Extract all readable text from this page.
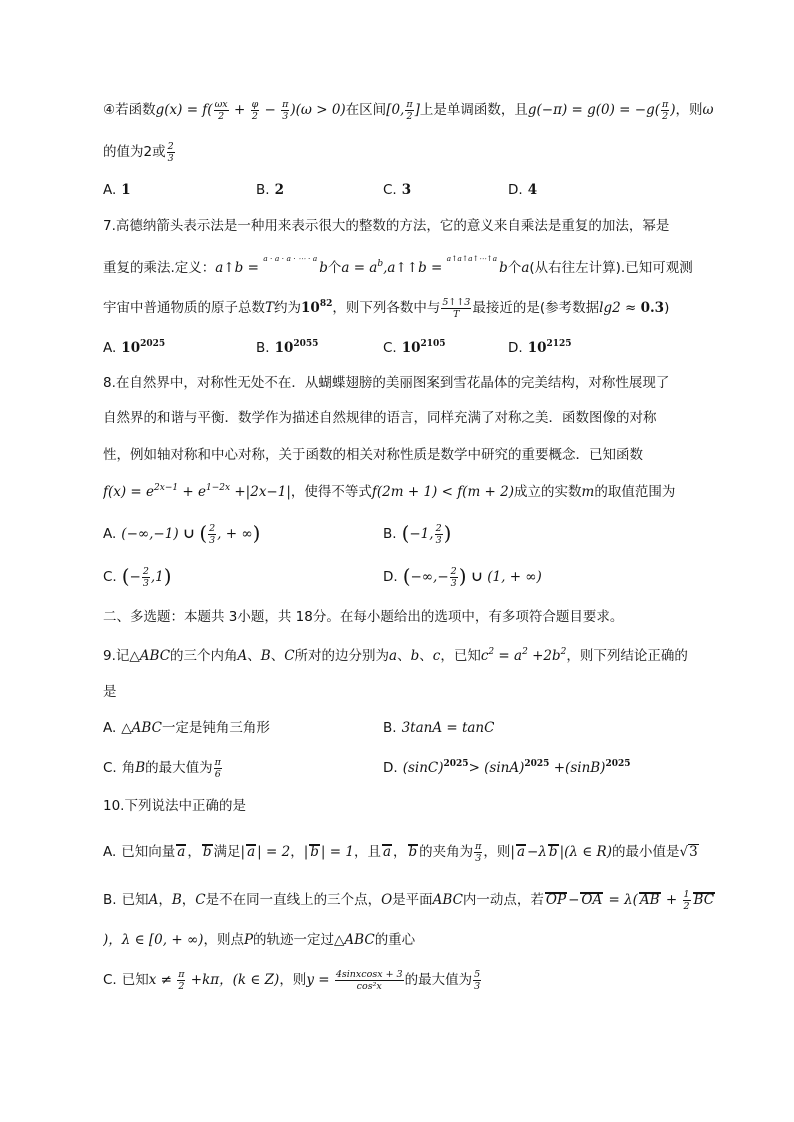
④若函数$g(x) = f( \frac{\omega x}{2} + \frac{\varphi}{2} - \frac{\pi}{3} )(\omega > 0)$在区间[0, $\frac{\pi}{2}$ ]上是单调函数，且$g(-\pi) = g(0) = -g( \frac{\pi}{2}$ )，则ω
的值为2或 $\frac{2}{3}$
A. 1	B. 2	C. 3	D. 4
7.高德纳箭头表示法是一种用来表示很大的整数的方法，它的意义来自乘法是重复的加法，幂是
重复的乘法.定义：a↑b = $^{a \cdot a \cdot a \cdot \cdots \cdot a}$b个$a = a^b,a↑↑b = ^{a↑a↑a↑\cdots↑a}b$个a(从右往左计算).已知可观测
宇宙中普通物质的原子总数T约为$10^{82}$，则下列各数中与 $\frac{5↑↑3}{T}$ 最接近的是(参考数据lg2 ≈ 0.3)
A. $10^{2025}$	B. $10^{2055}$	C. $10^{2105}$	D. $10^{2125}$
8.在自然界中，对称性无处不在．从蝴蝶翅膀的美丽图案到雪花晶体的完美结构，对称性展现了
自然界的和谐与平衡．数学作为描述自然规律的语言，同样充满了对称之美．函数图像的对称
性，例如轴对称和中心对称，关于函数的相关对称性质是数学中研究的重要概念．已知函数
$f(x) = e^{2x-1} + e^{1-2x} +|2x-1|$，使得不等式f(2m + 1) < f(m + 2)成立的实数m的取值范围为
A. (−∞,−1) ∪ ( $\frac{2}{3}$ , + ∞)	B. (−1, $\frac{2}{3}$ )
C. (− $\frac{2}{3} ,1$)	D. (−∞,− $\frac{2}{3}$ ) ∪ (1, + ∞)
二、多选题：本题共 3小题，共 18分。在每小题给出的选项中，有多项符合题目要求。
9.记△ABC的三个内角A、B、C所对的边分别为a、b、c，已知$c^2 = a^2 +2b^2$，则下列结论正确的
是
A. △ABC一定是钝角三角形	B. 3tanA = tanC
C. 角B的最大值为 $\frac{\pi}{6}$	D. $(\sin C)^{2025}> (\sin A)^{2025} +(\sin B)^{2025}$
10.下列说法中正确的是
A. 已知向量 a ， b 满足| a | = 2，| b | = 1，且 a ， b 的夹角为 $\frac{\pi}{3}$ ，则| a −λ b |(λ ∈ R)的最小值是√3
B. 已知A，B，C是不在同一直线上的三个点，O是平面ABC内一动点，若 OP − OA = λ( AB + $\frac{1}{2}$ BC
)，λ ∈ [0, + ∞)，则点P的轨迹一定过△ABC的重心
C. 已知$x \ne \frac{\pi}{2} +k\pi$，(k ∈ Z)，则$y = \frac{\text{4sinxcosx + 3}}{\text{cos²x}}$ 的最大值为 $\frac{5}{3}$
